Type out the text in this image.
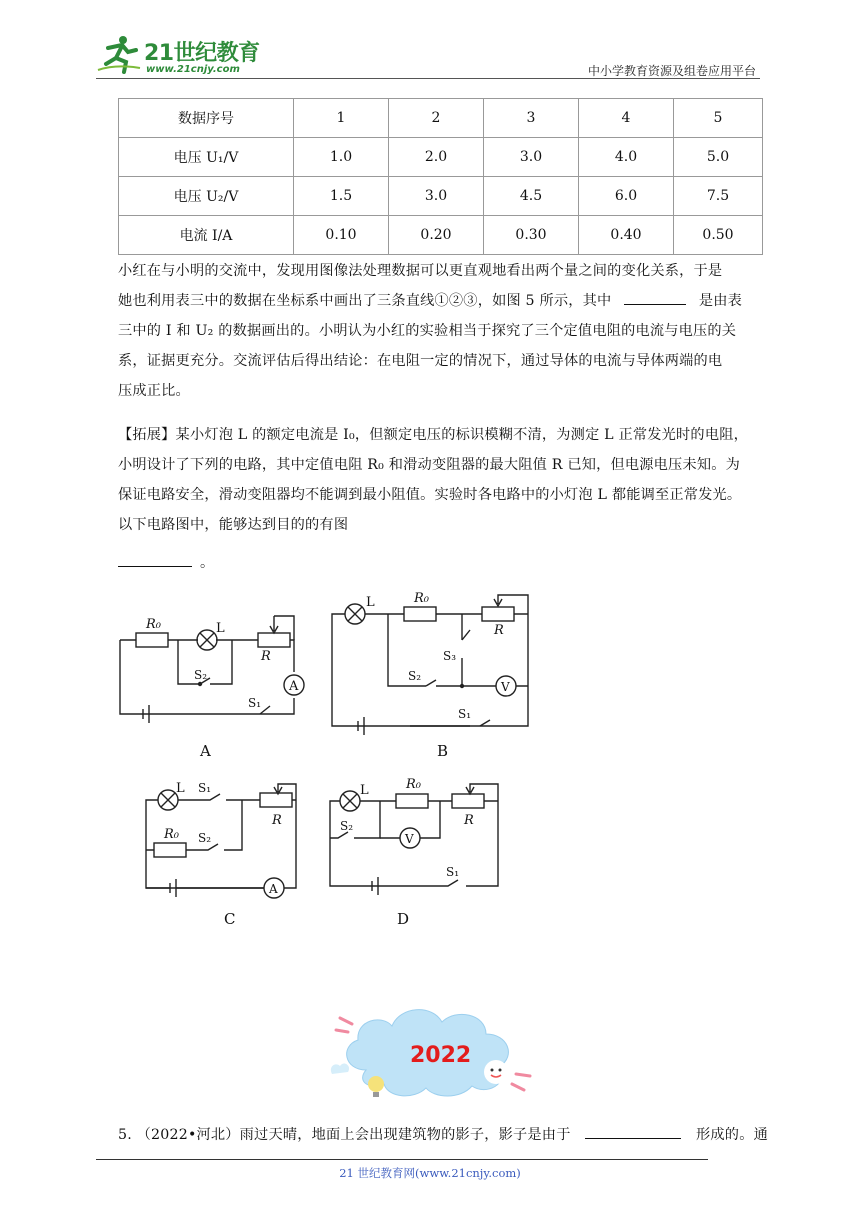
21世纪教育
www.21cnjy.com	中小学教育资源及组卷应用平台
数据序号	1	2	3	4	5
电压 U₁/V	1.0	2.0	3.0	4.0	5.0
电压 U₂/V	1.5	3.0	4.5	6.0	7.5
电流 I/A	0.10	0.20	0.30	0.40	0.50
小红在与小明的交流中，发现用图像法处理数据可以更直观地看出两个量之间的变化关系，于是
她也利用表三中的数据在坐标系中画出了三条直线①②③，如图 5 所示，其中	是由表
三中的 I 和 U₂ 的数据画出的。小明认为小红的实验相当于探究了三个定值电阻的电流与电压的关
系，证据更充分。交流评估后得出结论：在电阻一定的情况下，通过导体的电流与导体两端的电
压成正比。
【拓展】某小灯泡 L 的额定电流是 I₀，但额定电压的标识模糊不清，为测定 L 正常发光时的电阻，
小明设计了下列的电路，其中定值电阻 R₀ 和滑动变阻器的最大阻值 R 已知，但电源电压未知。为
保证电路安全，滑动变阻器均不能调到最小阻值。实验时各电路中的小灯泡 L 都能调至正常发光。
以下电路图中，能够达到目的的有图
。
R₀	L
R
A
S₂
S₁
L	R₀
R
S₃
S₂
V
S₁
L S₁
R
R₀ S₂
A
L	R₀
R
S₂
V
S₁
A	B
C	D
2022
5. （2022•河北）雨过天晴，地面上会出现建筑物的影子，影子是由于	形成的。通
21 世纪教育网(www.21cnjy.com)
